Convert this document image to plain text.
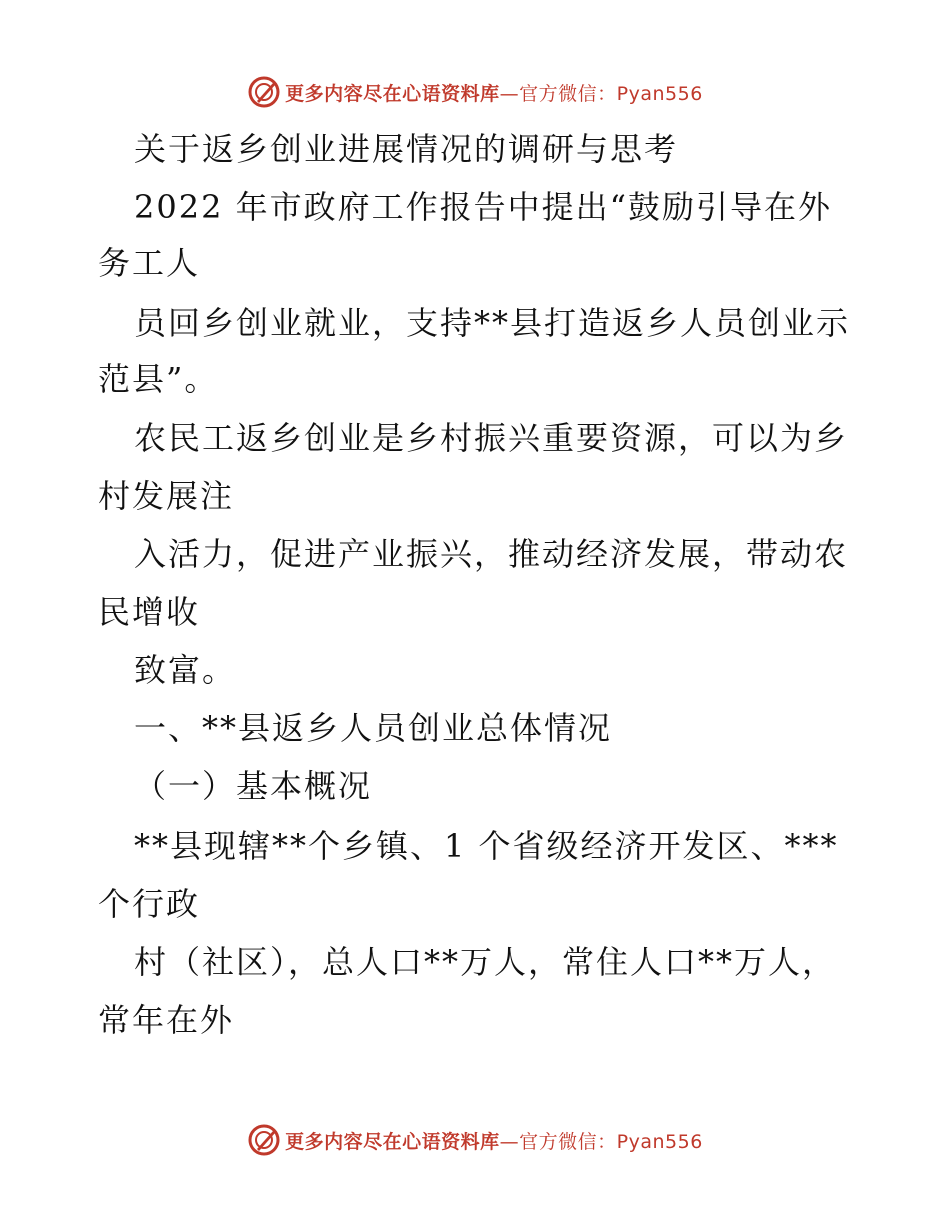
更多内容尽在心语资料库—官方微信：Pyan556
关于返乡创业进展情况的调研与思考
2022 年市政府工作报告中提出“鼓励引导在外
务工人
员回乡创业就业，支持**县打造返乡人员创业示
范县”。
农民工返乡创业是乡村振兴重要资源，可以为乡
村发展注
入活力，促进产业振兴，推动经济发展，带动农
民增收
致富。
一、**县返乡人员创业总体情况
（一）基本概况
**县现辖**个乡镇、1 个省级经济开发区、***
个行政
村（社区），总人口**万人，常住人口**万人，
常年在外
更多内容尽在心语资料库—官方微信：Pyan556
